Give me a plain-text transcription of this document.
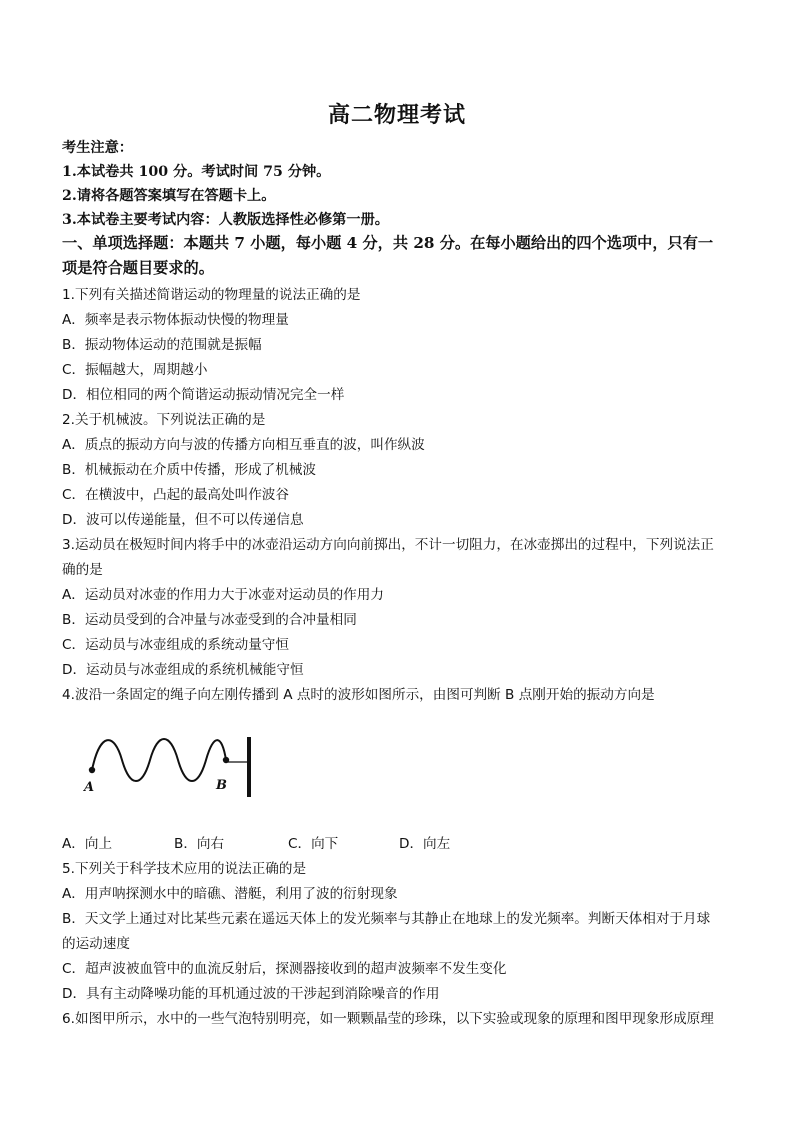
高二物理考试
考生注意：
1.本试卷共 100 分。考试时间 75 分钟。
2.请将各题答案填写在答题卡上。
3.本试卷主要考试内容：人教版选择性必修第一册。
一、单项选择题：本题共 7 小题，每小题 4 分，共 28 分。在每小题给出的四个选项中，只有一
项是符合题目要求的。
1.下列有关描述简谐运动的物理量的说法正确的是
A．频率是表示物体振动快慢的物理量
B．振动物体运动的范围就是振幅
C．振幅越大，周期越小
D．相位相同的两个简谐运动振动情况完全一样
2.关于机械波。下列说法正确的是
A．质点的振动方向与波的传播方向相互垂直的波，叫作纵波
B．机械振动在介质中传播，形成了机械波
C．在横波中，凸起的最高处叫作波谷
D．波可以传递能量，但不可以传递信息
3.运动员在极短时间内将手中的冰壶沿运动方向向前掷出，不计一切阻力，在冰壶掷出的过程中，下列说法正
确的是
A．运动员对冰壶的作用力大于冰壶对运动员的作用力
B．运动员受到的合冲量与冰壶受到的合冲量相同
C．运动员与冰壶组成的系统动量守恒
D．运动员与冰壶组成的系统机械能守恒
4.波沿一条固定的绳子向左刚传播到 A 点时的波形如图所示，由图可判断 B 点刚开始的振动方向是
A	B
A．向上	B．向右	C．向下	D．向左
5.下列关于科学技术应用的说法正确的是
A．用声呐探测水中的暗礁、潜艇，利用了波的衍射现象
B．天文学上通过对比某些元素在遥远天体上的发光频率与其静止在地球上的发光频率。判断天体相对于月球
的运动速度
C．超声波被血管中的血流反射后，探测器接收到的超声波频率不发生变化
D．具有主动降噪功能的耳机通过波的干涉起到消除噪音的作用
6.如图甲所示，水中的一些气泡特别明亮，如一颗颗晶莹的珍珠，以下实验或现象的原理和图甲现象形成原理
